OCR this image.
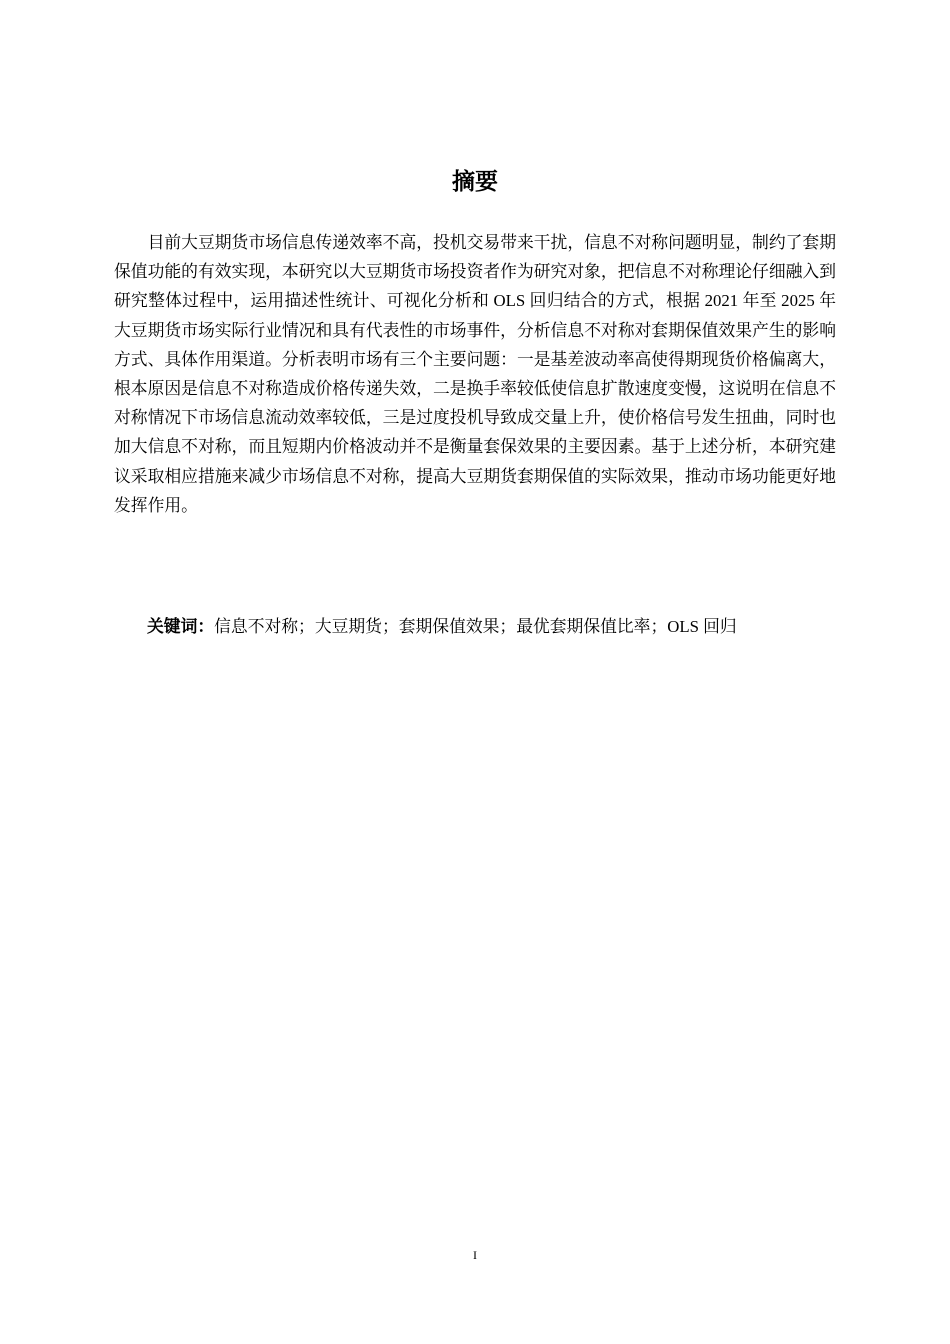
摘要

目前大豆期货市场信息传递效率不高，投机交易带来干扰，信息不对称问题明显，制约了套期保值功能的有效实现，本研究以大豆期货市场投资者作为研究对象，把信息不对称理论仔细融入到研究整体过程中，运用描述性统计、可视化分析和 OLS 回归结合的方式，根据 2021 年至 2025 年大豆期货市场实际行业情况和具有代表性的市场事件，分析信息不对称对套期保值效果产生的影响方式、具体作用渠道。分析表明市场有三个主要问题：一是基差波动率高使得期现货价格偏离大，根本原因是信息不对称造成价格传递失效，二是换手率较低使信息扩散速度变慢，这说明在信息不对称情况下市场信息流动效率较低，三是过度投机导致成交量上升，使价格信号发生扭曲，同时也加大信息不对称，而且短期内价格波动并不是衡量套保效果的主要因素。基于上述分析，本研究建议采取相应措施来减少市场信息不对称，提高大豆期货套期保值的实际效果，推动市场功能更好地发挥作用。

关键词：信息不对称；大豆期货；套期保值效果；最优套期保值比率；OLS 回归
I
